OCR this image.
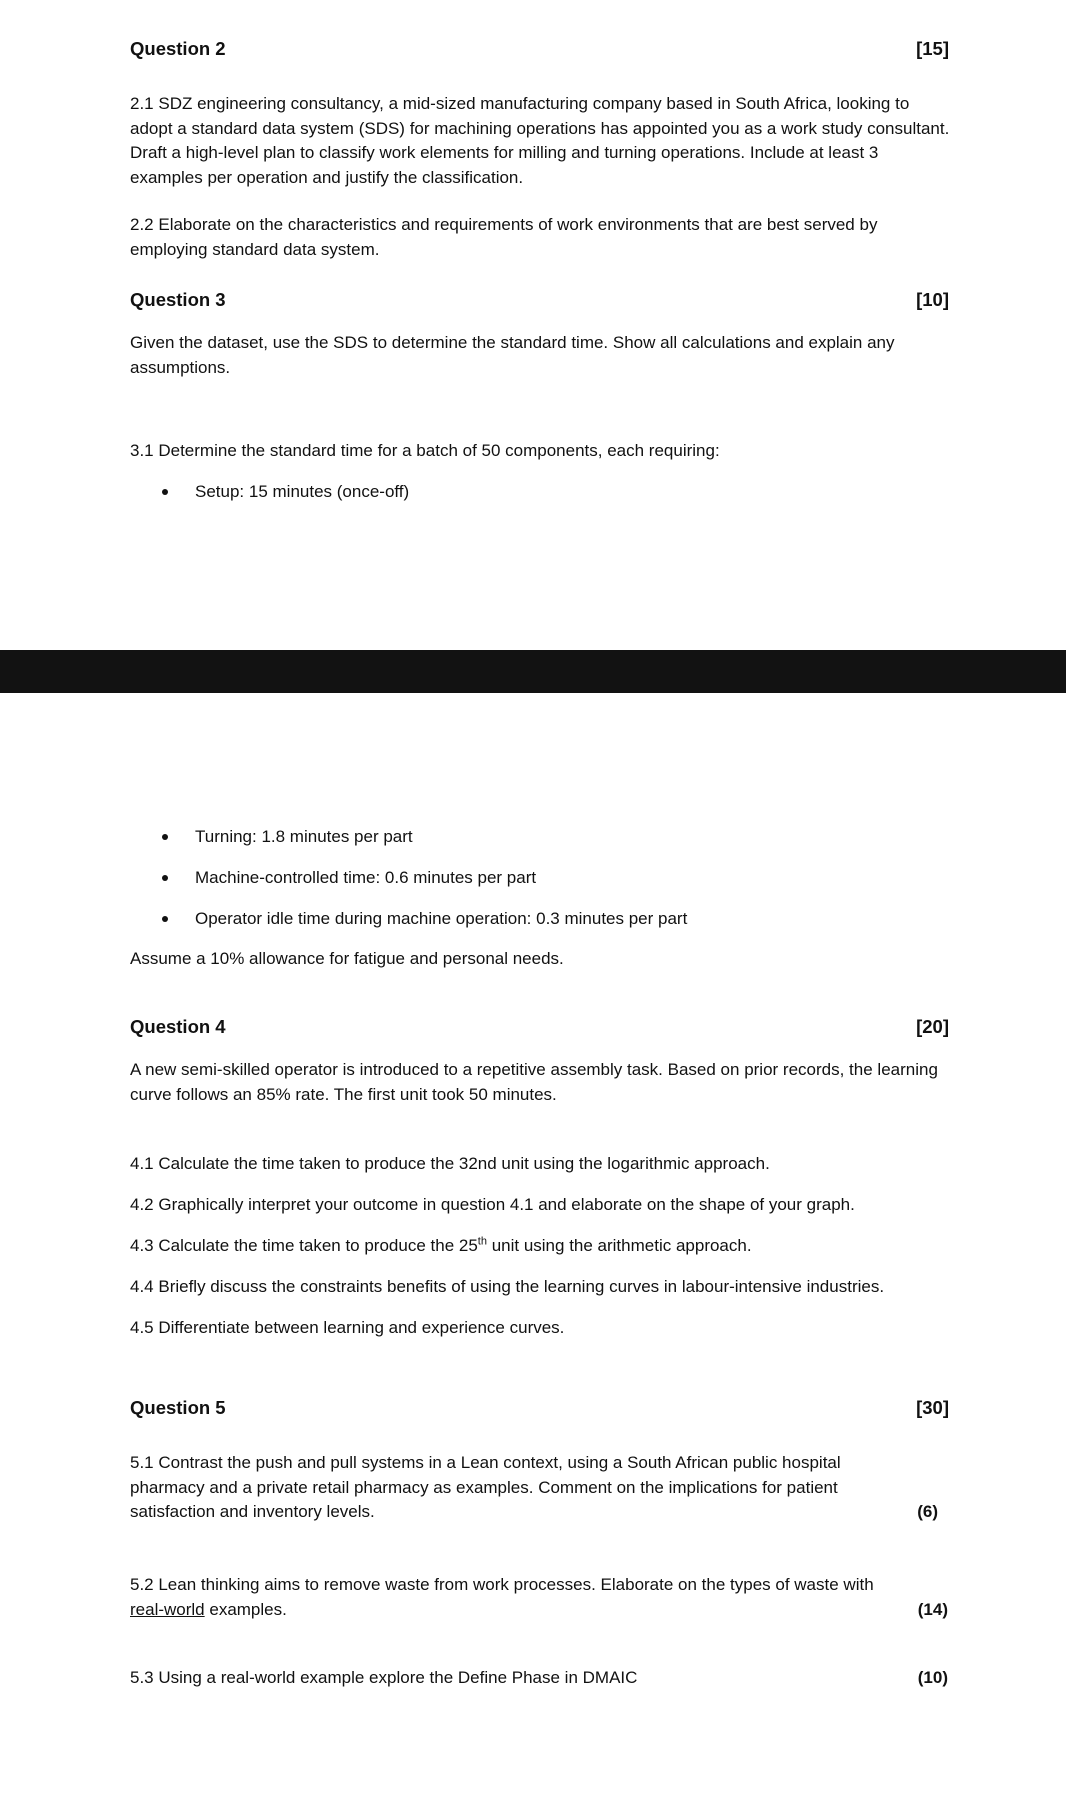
Question 2	[15]
2.1 SDZ engineering consultancy, a mid-sized manufacturing company based in South Africa, looking to adopt a standard data system (SDS) for machining operations has appointed you as a work study consultant. Draft a high-level plan to classify work elements for milling and turning operations. Include at least 3 examples per operation and justify the classification.
2.2 Elaborate on the characteristics and requirements of work environments that are best served by employing standard data system.
Question 3	[10]
Given the dataset, use the SDS to determine the standard time. Show all calculations and explain any assumptions.
3.1 Determine the standard time for a batch of 50 components, each requiring:
Setup: 15 minutes (once-off)
Turning: 1.8 minutes per part
Machine-controlled time: 0.6 minutes per part
Operator idle time during machine operation: 0.3 minutes per part
Assume a 10% allowance for fatigue and personal needs.
Question 4	[20]
A new semi-skilled operator is introduced to a repetitive assembly task. Based on prior records, the learning curve follows an 85% rate. The first unit took 50 minutes.
4.1 Calculate the time taken to produce the 32nd unit using the logarithmic approach.
4.2 Graphically interpret your outcome in question 4.1 and elaborate on the shape of your graph.
4.3 Calculate the time taken to produce the 25th unit using the arithmetic approach.
4.4 Briefly discuss the constraints benefits of using the learning curves in labour-intensive industries.
4.5 Differentiate between learning and experience curves.
Question 5	[30]
5.1 Contrast the push and pull systems in a Lean context, using a South African public hospital pharmacy and a private retail pharmacy as examples. Comment on the implications for patient satisfaction and inventory levels.	(6)
5.2 Lean thinking aims to remove waste from work processes. Elaborate on the types of waste with
real-world examples.	(14)
5.3 Using a real-world example explore the Define Phase in DMAIC	(10)
